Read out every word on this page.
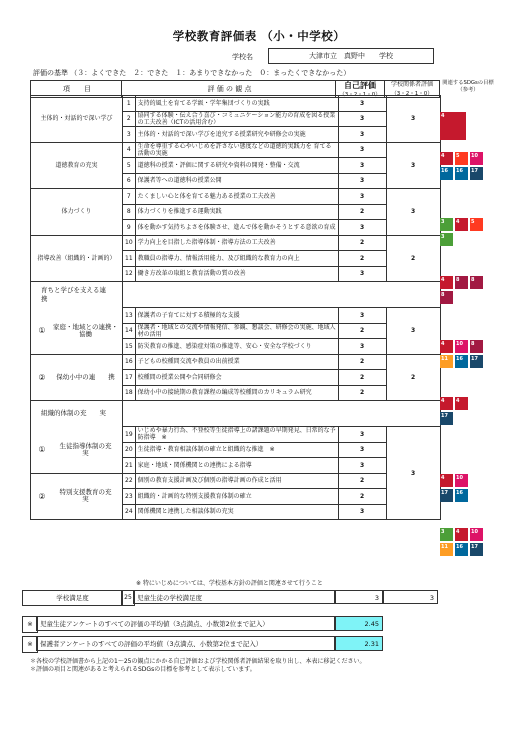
学校教育評価表 （小・中学校）
学校名	大津市立　真野中　　学校
評価の基準 （３：よくできた　２：できた　１：あまりできなかった　０：まったくできなかった）
項　　目	評 価 の 観 点	自己評価
（3・2・1・0）
学校関係者評価
（3・2・1・0）
関連するSDGsの目標（参考）

主体的・対話的で深い学び	1	支持的風土を育てる学級・学年集団づくりの実践	3	3
	2	協同する体験・伝え合う喜び・コミュニケーション能力の育成を図る授業の工夫改善（ICTの活用含む）	3	
	3	主体的・対話的で深い学びを追究する授業研究や研修会の実施	3	
道徳教育の充実	4	生命を尊重する心やいじめを許さない態度などの道徳的実践力を 育てる活動の実施	3	3
	5	道徳科の授業・評価に関する研究や資料の開発・整備・交流	3	
	6	保護者等への道徳科の授業公開	3	
体力づくり	7	たくましい心と体を育てる魅力ある授業の工夫改善	3	3
	8	体力づくりを推進する運動実践	2	
	9	体を動かす気持ちよさを体験させ、進んで体を動かそうとする意欲の育成	3	
指導改善（組織的・計画的）	10	学力向上を目指した指導体制・指導方法の工夫改善	2	2
	11	教職員の指導力、情報活用能力、及び組織的な教育力の向上	2	
	12	働き方改革の取組と教育活動の質の改善	3	

育ちと学びを支える連　　携				

① 家庭・地域との連携・協働	13	保護者の子育てに対する積極的な支援	3	3
	14	保護者・地域との交流や情報発信、参観、懇談会、研修会の実施、地域人材の活用	2	
	15	防災教育の推進、感染症対策の推進等、安心・安全な学校づくり	3	

② 保幼小中の連　　携	16	子どもの校種間交流や教員の出前授業	2	2
	17	校種間の授業公開や合同研修会	2	
	18	保幼小中の接続期の教育課程の編成等校種間のカリキュラム研究	2	

組織的体制の充　　実				

① 生徒指導体制の充　　実	19	いじめや暴力行為、不登校等生徒指導上の諸課題の早期発見、日常的な予防指導　※	3	3
	20	生徒指導・教育相談体制の確立と組織的な推進　※	3	
	21	家庭・地域・関係機関との連携による指導	3	

② 特別支援教育の充　　実	22	個別の教育支援計画及び個別の指導計画の作成と活用	2	
	23	組織的・計画的な特別支援教育体制の確立	2	
	24	関係機関と連携した相談体制の充実	3	
※ 特にいじめについては、学校基本方針の評価と関連させて行うこと
学校満足度	25 児童生徒の学校満足度	3	3
※	児童生徒アンケートのすべての評価の平均値（3点満点、小数第2位まで記入）	2.45
※	保護者アンケートのすべての評価の平均値（3点満点、小数第2位まで記入）	2.31
＊各校の学校評価書から上記の1～25の観点にかかる自己評価および学校関係者評価結果を取り出し、本表に移記ください。
＊評価の項目と関連があると考えられるSDGsの目標を参考として表示しています。
4
4	5	10
16	16	17
3	4	5
3
4	8	8
8
4	10	8
11	16	17
4	4
17
4	10
17	16
3	4	10
11	16	17
